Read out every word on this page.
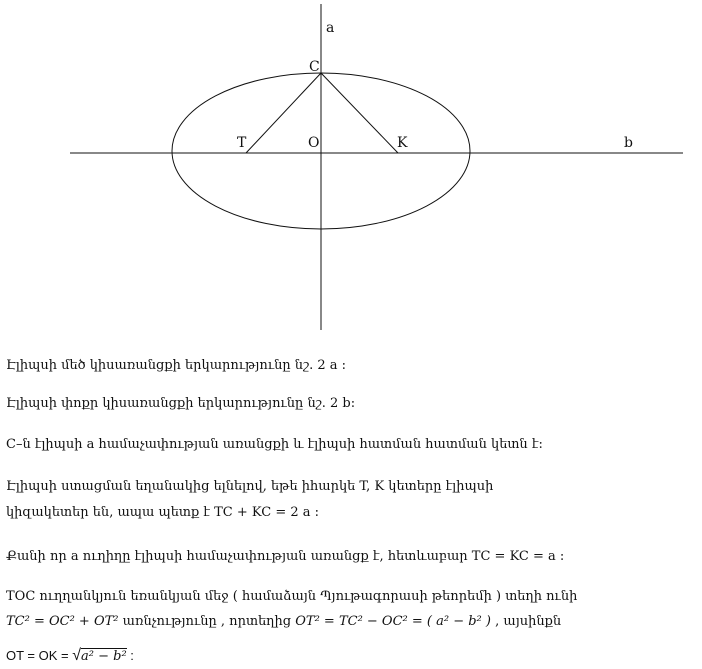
a
b
C
O
T	K

Էլիպսի մեծ կիսառանցքի երկարությունը նշ. 2 a :

Էլիպսի փոքր կիսառանցքի երկարությունը նշ. 2 b:

C–ն էլիպսի a համաչափության առանցքի և էլիպսի հատման հատման կետն է:

Էլիպսի ստացման եղանակից ելնելով, եթե իհարկե T, K կետերը էլիպսի

կիզակետեր են, ապա պետք է TC + KC = 2 a :

Քանի որ a ուղիղը էլիպսի համաչափության առանցք է, հետևաբար TC = KC = a :

TOC ուղղանկյուն եռանկյան մեջ ( համաձայն Պյութագորասի թեորեմի ) տեղի ունի

TC² = OC² + OT² առնչությունը , որտեղից OT² = TC² − OC² = ( a² − b² ) , այսինքն

OT = OK = √a² − b² :
